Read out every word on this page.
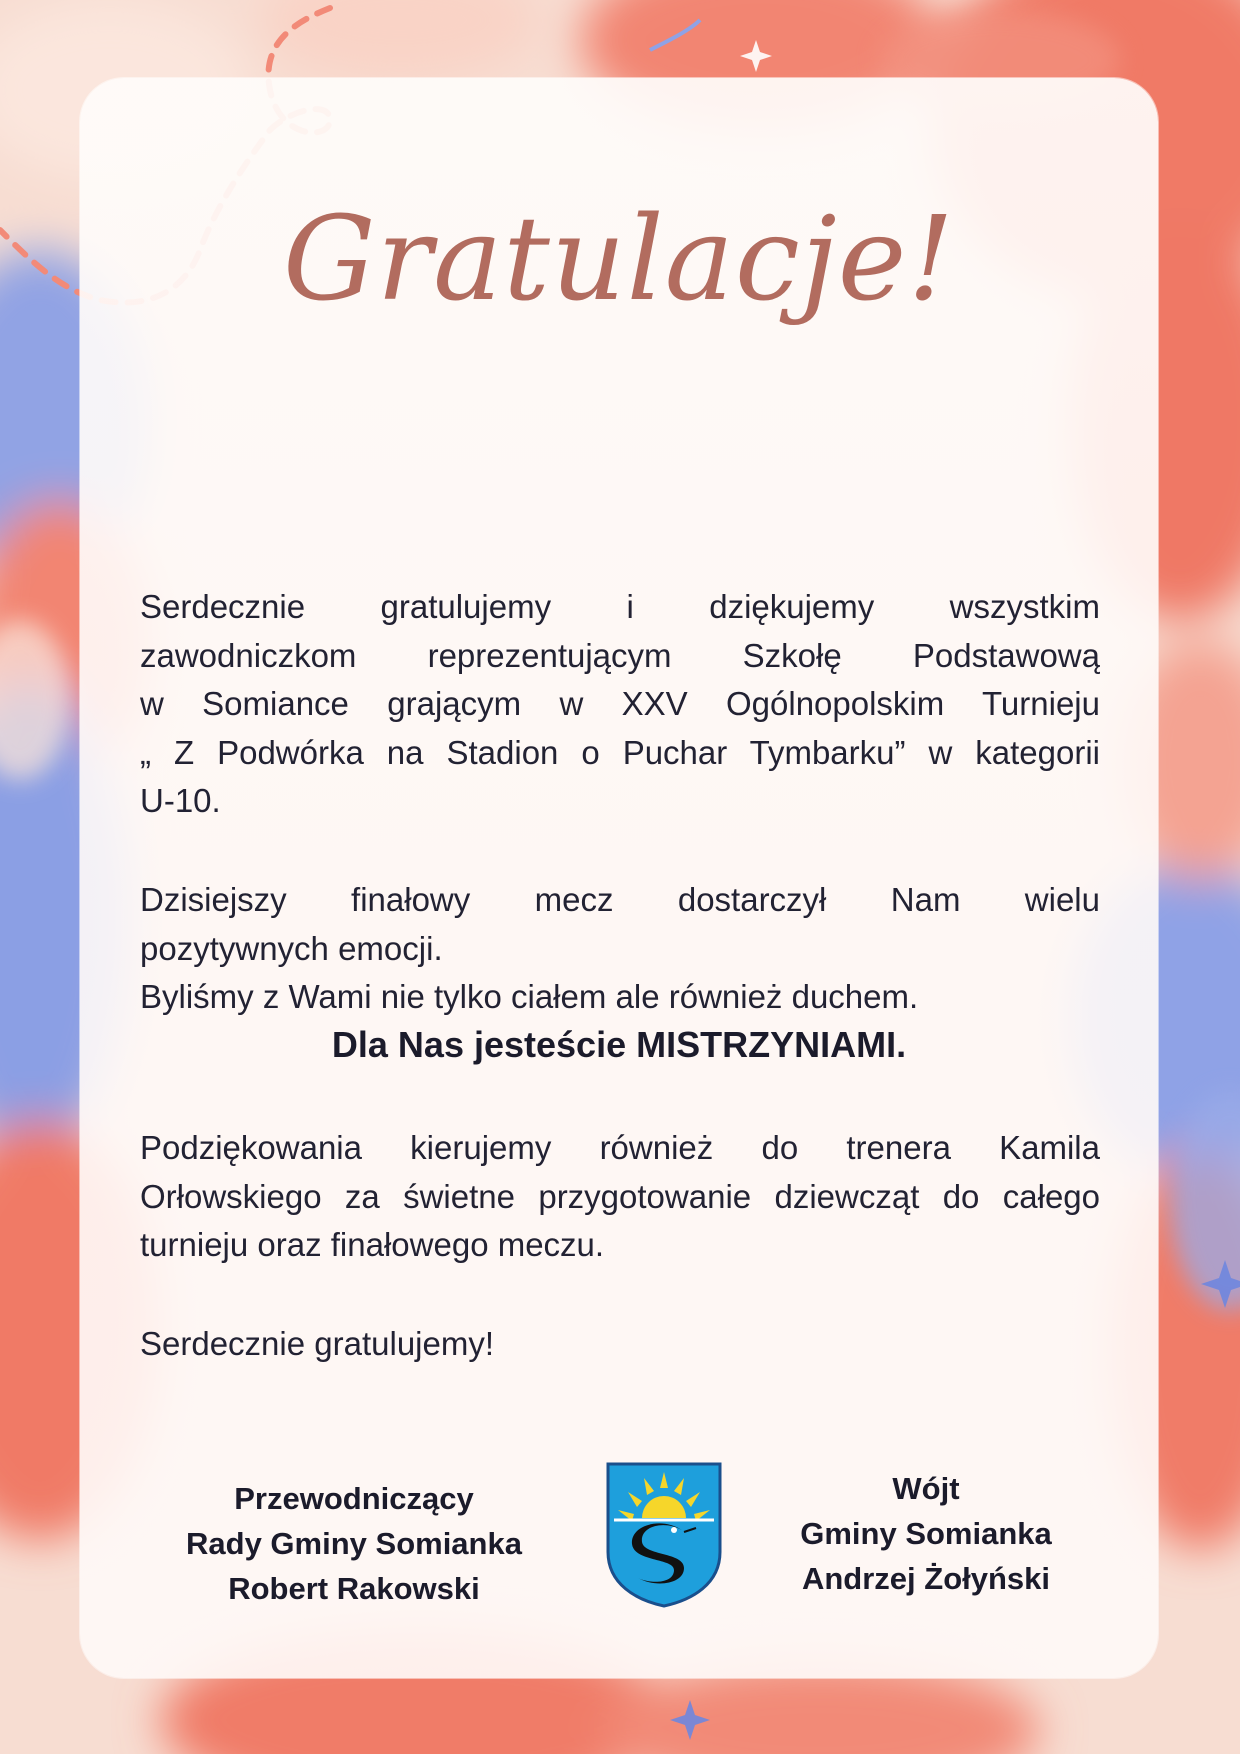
Gratulacje!

Serdecznie gratulujemy i dziękujemy wszystkim

zawodniczkom reprezentującym Szkołę Podstawową

w Somiance grającym w XXV Ogólnopolskim Turnieju

„ Z Podwórka na Stadion o Puchar Tymbarku” w kategorii

U-10.

Dzisiejszy finałowy mecz dostarczył Nam wielu

pozytywnych emocji.

Byliśmy z Wami nie tylko ciałem ale również duchem.

Dla Nas jesteście MISTRZYNIAMI.

Podziękowania kierujemy również do trenera Kamila

Orłowskiego za świetne przygotowanie dziewcząt do całego

turnieju oraz finałowego meczu.

Serdecznie gratulujemy!
Przewodniczący
Rady Gminy Somianka
Robert Rakowski
Wójt
Gminy Somianka
Andrzej Żołyński
